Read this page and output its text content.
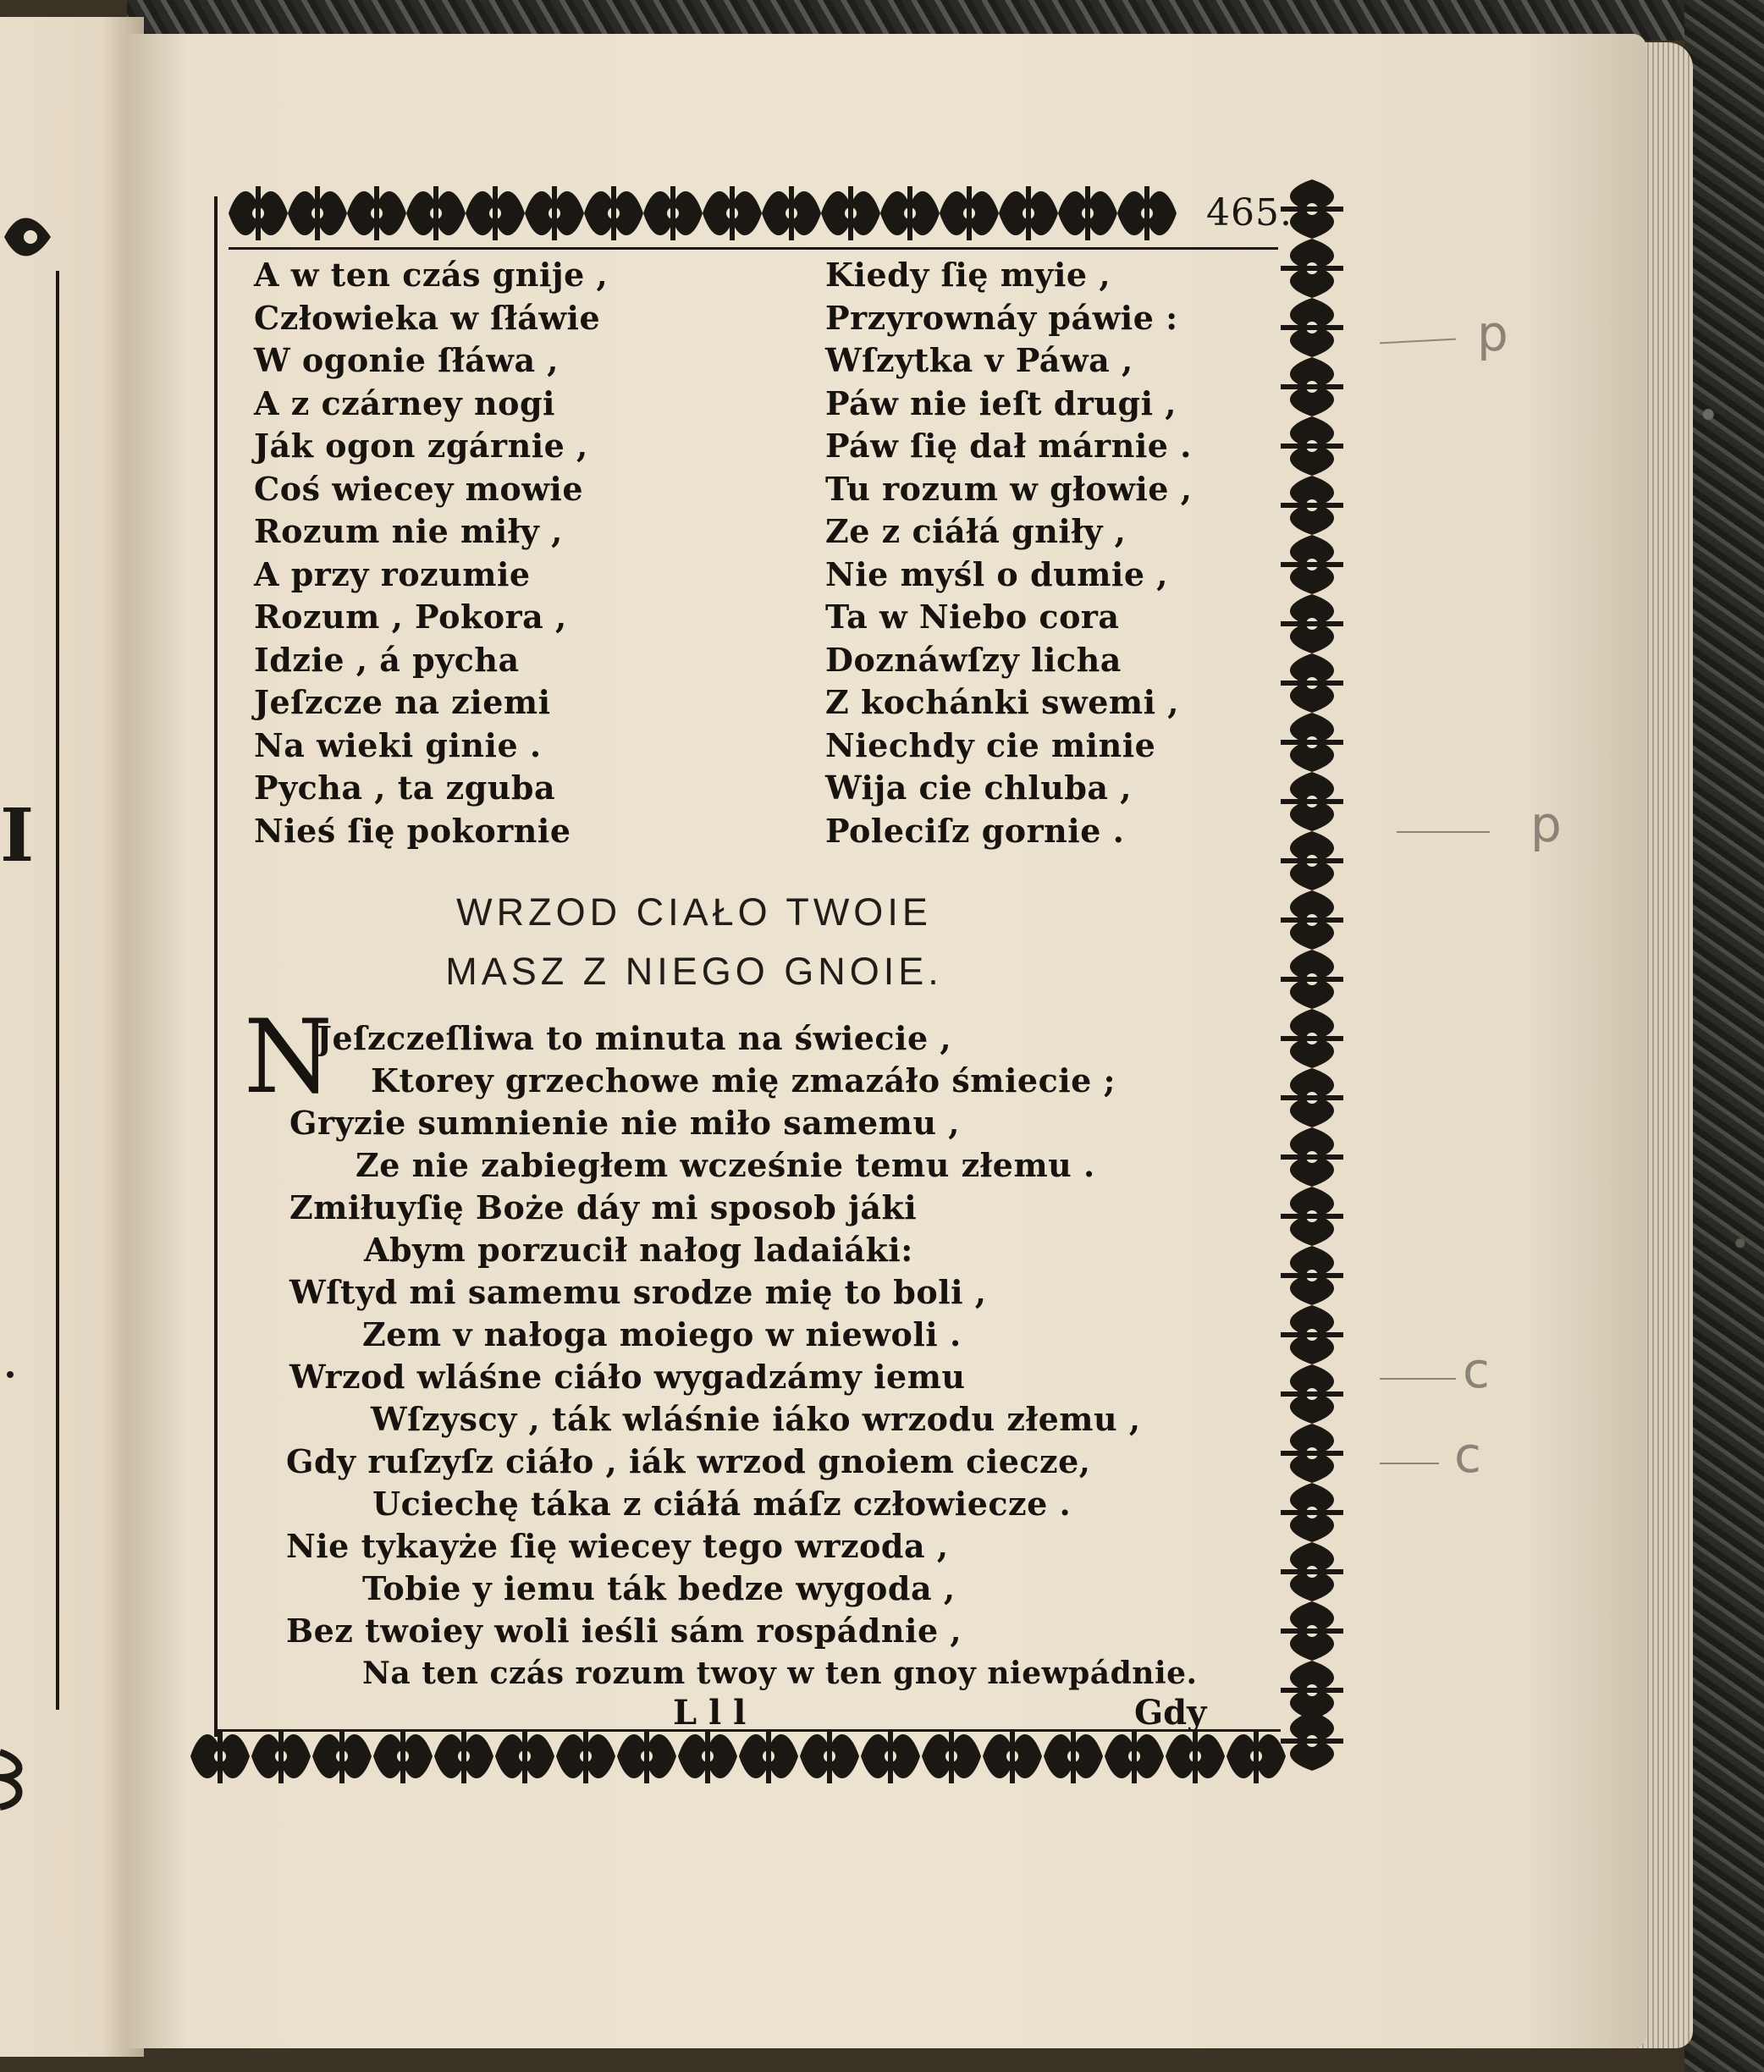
I
465.
A w ten czás gnije ,
Człowieka w ſłáwie
W ogonie ſłáwa ,
A z czárney nogi
Ják ogon zgárnie ,
Coś wiecey mowie
Rozum nie miły ,
A przy rozumie
Rozum , Pokora ,
Idzie , á pycha
Jeſzcze na ziemi
Na wieki ginie .
Pycha , ta zguba
Nieś ſię pokornie
Kiedy ſię myie ,
Przyrownáy páwie :
Wſzytka v Páwa ,
Páw nie ieſt drugi ,
Páw ſię dał márnie .
Tu rozum w głowie ,
Ze z ciáłá gniły ,
Nie myśl o dumie ,
Ta w Niebo cora
Doznáwſzy licha
Z kochánki swemi ,
Niechdy cie minie
Wija cie chluba ,
Poleciſz gornie .
WRZOD CIAŁO TWOIE
MASZ Z NIEGO GNOIE.
N
Jeſzczeſliwa to minuta na świecie ,
Ktorey grzechowe mię zmazáło śmiecie ;
Gryzie sumnienie nie miło samemu ,
Ze nie zabiegłem wcześnie temu złemu .
Zmiłuyſię Boże dáy mi sposob jáki
Abym porzucił nałog ladaiáki:
Wſtyd mi samemu srodze mię to boli ,
Zem v nałoga moiego w niewoli .
Wrzod wláśne ciáło wygadzámy iemu
Wſzyscy , ták wláśnie iáko wrzodu złemu ,
Gdy ruſzyſz ciáło , iák wrzod gnoiem ciecze,
Uciechę táka z ciáłá máſz człowiecze .
Nie tykayże ſię wiecey tego wrzoda ,
Tobie y iemu ták bedze wygoda ,
Bez twoiey woli ieśli sám rospádnie ,
Na ten czás rozum twoy w ten gnoy niewpádnie.
L l l	Gdy
p
p
c
c
